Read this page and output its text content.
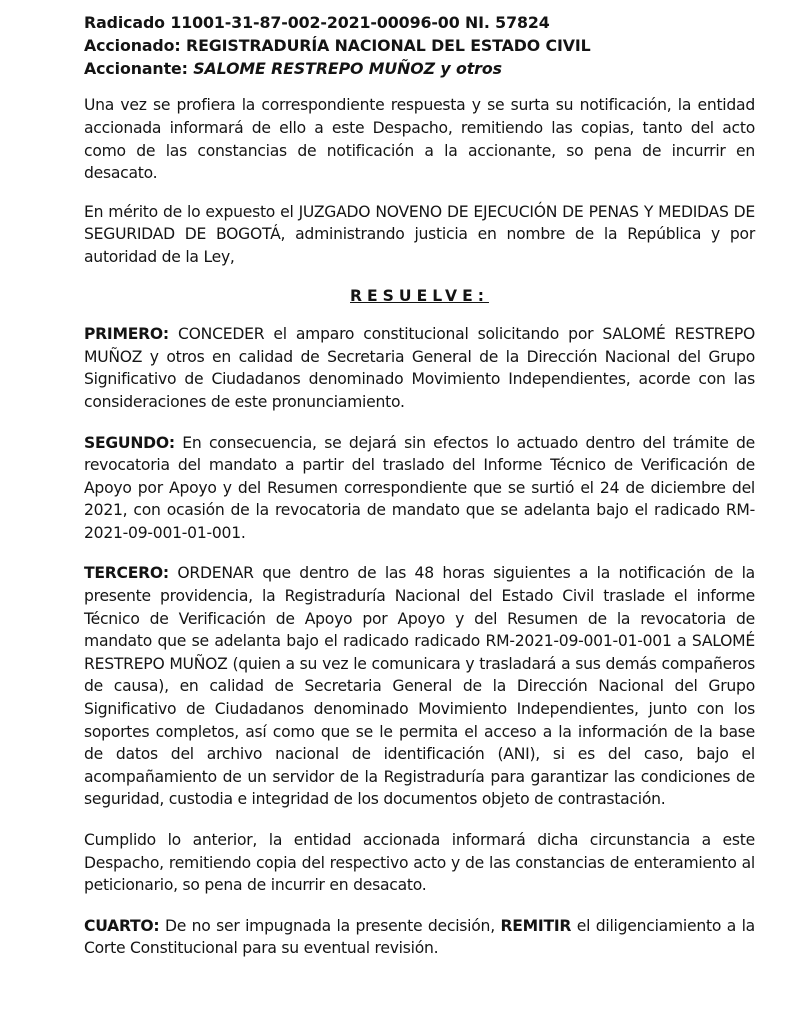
Radicado 11001-31-87-002-2021-00096-00 NI. 57824
Accionado: REGISTRADURÍA NACIONAL DEL ESTADO CIVIL
Accionante: SALOME RESTREPO MUÑOZ y otros

Una vez se profiera la correspondiente respuesta y se surta su notificación, la entidad accionada informará de ello a este Despacho, remitiendo las copias, tanto del acto como de las constancias de notificación a la accionante, so pena de incurrir en desacato.

En mérito de lo expuesto el JUZGADO NOVENO DE EJECUCIÓN DE PENAS Y MEDIDAS DE SEGURIDAD DE BOGOTÁ, administrando justicia en nombre de la República y por autoridad de la Ley,

RESUELVE:

PRIMERO: CONCEDER el amparo constitucional solicitando por SALOMÉ RESTREPO MUÑOZ y otros en calidad de Secretaria General de la Dirección Nacional del Grupo Significativo de Ciudadanos denominado Movimiento Independientes, acorde con las consideraciones de este pronunciamiento.

SEGUNDO: En consecuencia, se dejará sin efectos lo actuado dentro del trámite de revocatoria del mandato a partir del traslado del Informe Técnico de Verificación de Apoyo por Apoyo y del Resumen correspondiente que se surtió el 24 de diciembre del 2021, con ocasión de la revocatoria de mandato que se adelanta bajo el radicado RM-2021-09-001-01-001.

TERCERO: ORDENAR que dentro de las 48 horas siguientes a la notificación de la presente providencia, la Registraduría Nacional del Estado Civil traslade el informe Técnico de Verificación de Apoyo por Apoyo y del Resumen de la revocatoria de mandato que se adelanta bajo el radicado radicado RM-2021-09-001-01-001 a SALOMÉ RESTREPO MUÑOZ (quien a su vez le comunicara y trasladará a sus demás compañeros de causa), en calidad de Secretaria General de la Dirección Nacional del Grupo Significativo de Ciudadanos denominado Movimiento Independientes, junto con los soportes completos, así como que se le permita el acceso a la información de la base de datos del archivo nacional de identificación (ANI), si es del caso, bajo el acompañamiento de un servidor de la Registraduría para garantizar las condiciones de seguridad, custodia e integridad de los documentos objeto de contrastación.

Cumplido lo anterior, la entidad accionada informará dicha circunstancia a este Despacho, remitiendo copia del respectivo acto y de las constancias de enteramiento al peticionario, so pena de incurrir en desacato.

CUARTO: De no ser impugnada la presente decisión, REMITIR el diligenciamiento a la Corte Constitucional para su eventual revisión.
